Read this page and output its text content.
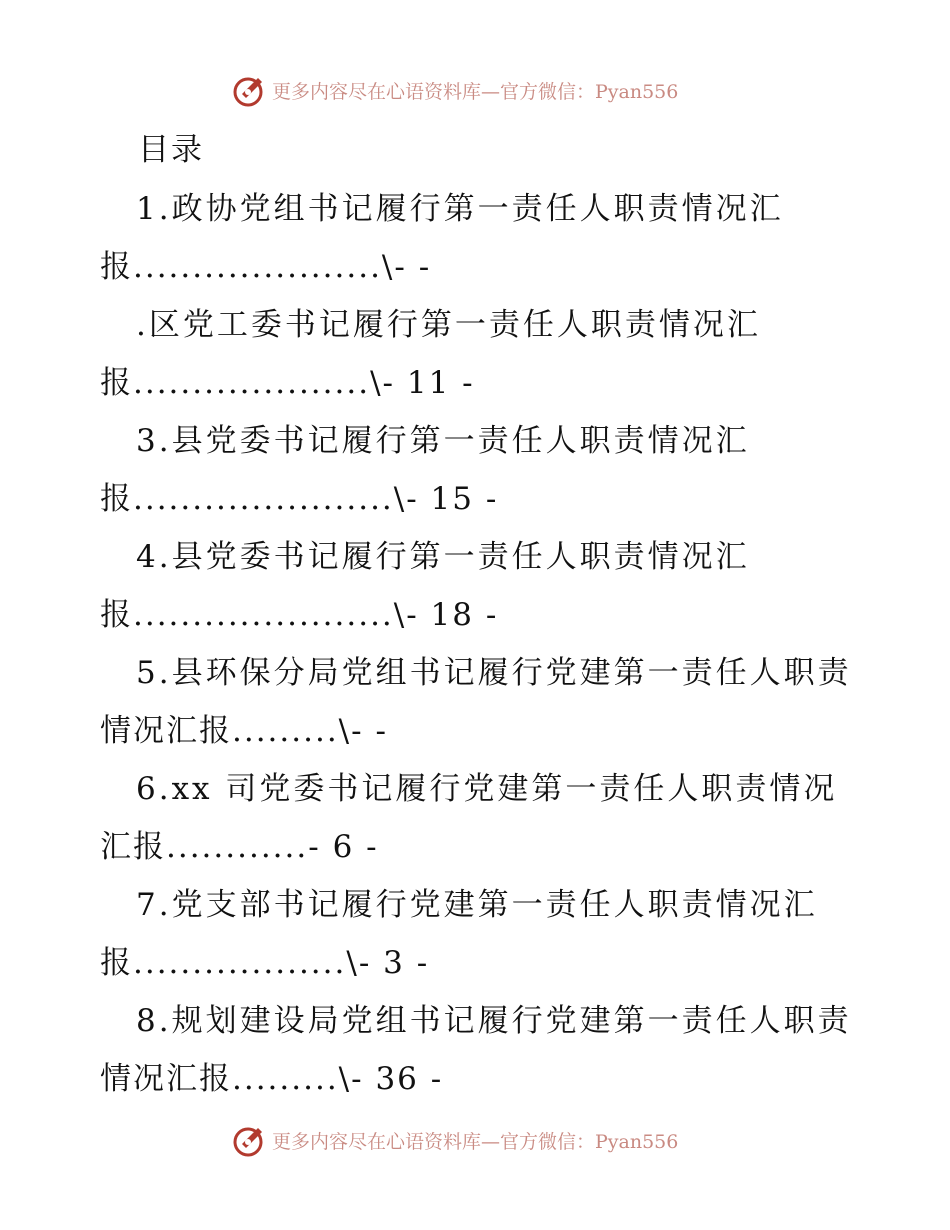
更多内容尽在心语资料库—官方微信：Pyan556
目录
1.政协党组书记履行第一责任人职责情况汇
报.....................\- -
.区党工委书记履行第一责任人职责情况汇
报....................\- 11 -
3.县党委书记履行第一责任人职责情况汇
报......................\- 15 -
4.县党委书记履行第一责任人职责情况汇
报......................\- 18 -
5.县环保分局党组书记履行党建第一责任人职责
情况汇报.........\- -
6.xx 司党委书记履行党建第一责任人职责情况
汇报............- 6 -
7.党支部书记履行党建第一责任人职责情况汇
报..................\- 3 -
8.规划建设局党组书记履行党建第一责任人职责
情况汇报.........\- 36 -
更多内容尽在心语资料库—官方微信：Pyan556
